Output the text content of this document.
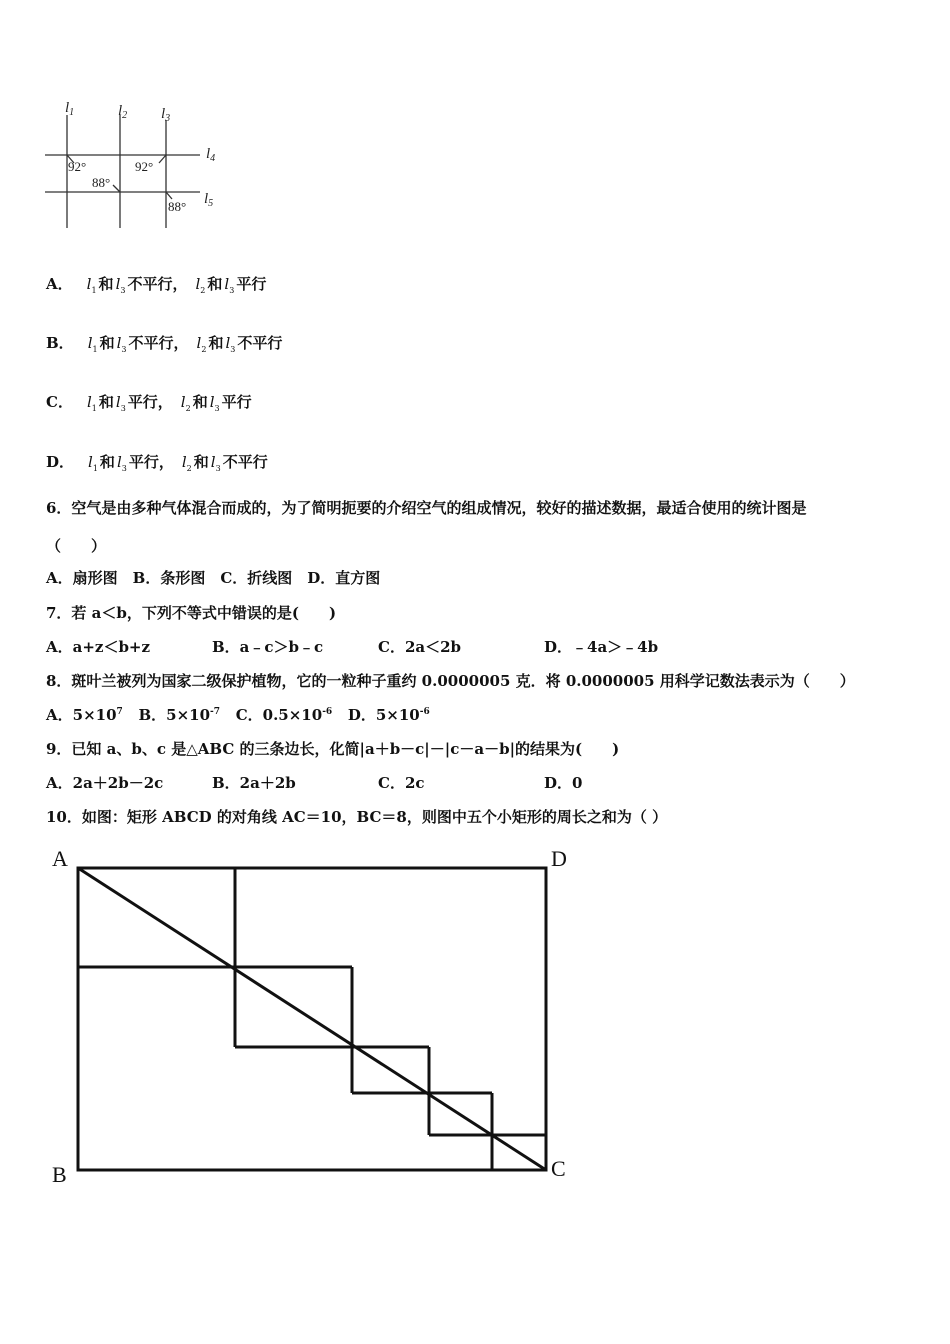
$l_1$	$l_2$ $l_3$
$l_4$
$l_5$
92°
88°
92°
88°
A． $l_1$ 和 $l_3$ 不平行， $l_2$ 和 $l_3$ 平行
B． $l_1$ 和 $l_3$ 不平行， $l_2$ 和 $l_3$ 不平行
C． $l_1$ 和 $l_3$ 平行， $l_2$ 和 $l_3$ 平行
D． $l_1$ 和 $l_3$ 平行， $l_2$ 和 $l_3$ 不平行
6．空气是由多种气体混合而成的，为了简明扼要的介绍空气的组成情况，较好的描述数据，最适合使用的统计图是
（　　）
A．扇形图　B．条形图　C．折线图　D．直方图
7．若 a＜b，下列不等式中错误的是(　　)
A．a+z＜b+z	B．a﹣c＞b﹣c	C．2a＜2b	D．﹣4a＞﹣4b
8．斑叶兰被列为国家二级保护植物，它的一粒种子重约 0.0000005 克．将 0.0000005 用科学记数法表示为（　　）
A．$5\times 10^7$ B．$5\times 10^{-7}$ C．$0.5\times 10^{-6}$ D．$5\times 10^{-6}$
9．已知 a、b、c 是△ABC 的三条边长，化简|a＋b－c|－|c－a－b|的结果为(　　)
A．2a＋2b－2c	B．2a＋2b	C．2c	D．0
10．如图：矩形 ABCD 的对角线 AC＝10，BC＝8，则图中五个小矩形的周长之和为（ ）
A	D
B	C
